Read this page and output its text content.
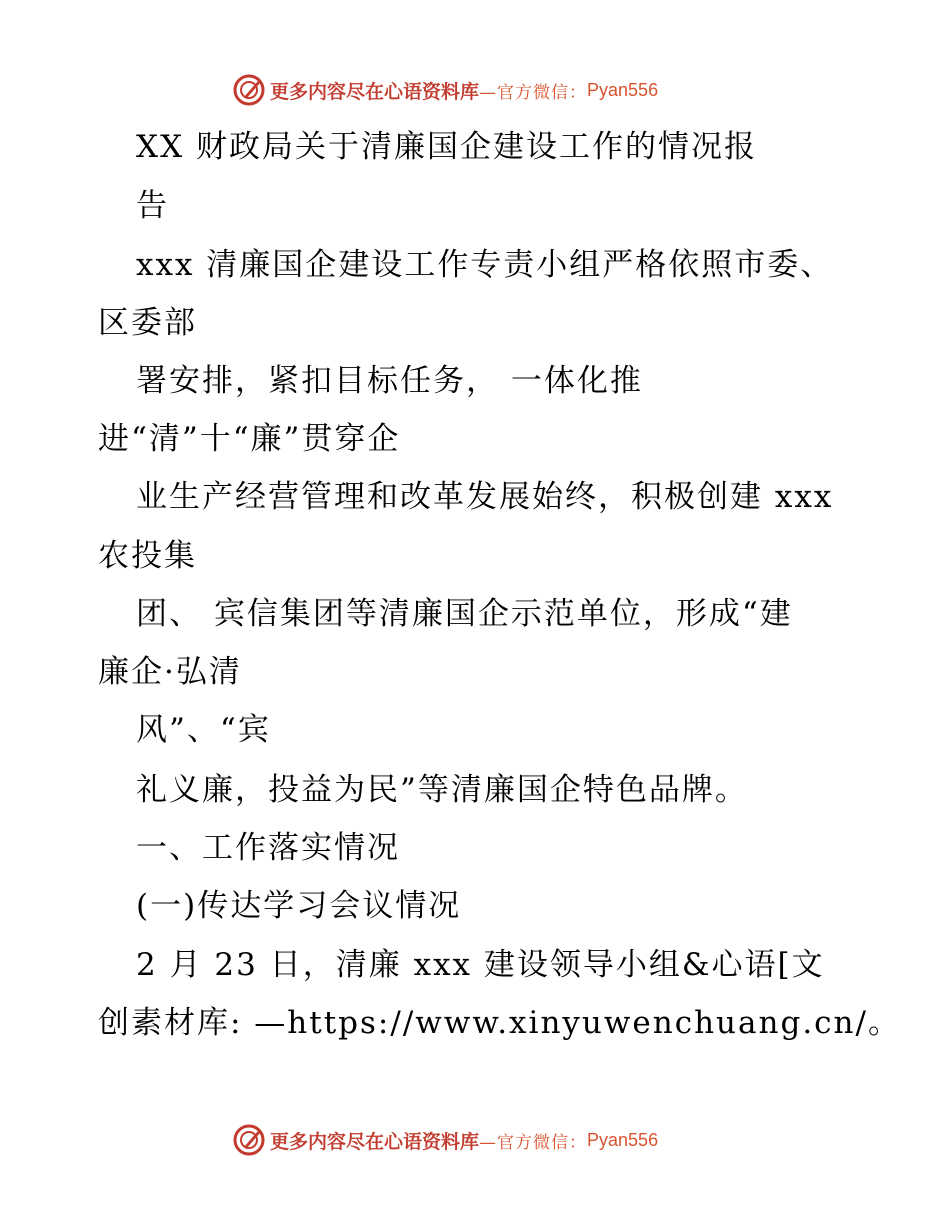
更多内容尽在心语资料库 —官方微信： Pyan556
XX 财政局关于清廉国企建设工作的情况报
告
xxx 清廉国企建设工作专责小组严格依照市委、
区委部
署安排，紧扣目标任务， 一体化推
进“清”十“廉”贯穿企
业生产经营管理和改革发展始终，积极创建 xxx
农投集
团、 宾信集团等清廉国企示范单位，形成“建
廉企·弘清
风”、“宾
礼义廉，投益为民”等清廉国企特色品牌。
一、工作落实情况
(一)传达学习会议情况
2 月 23 日，清廉 xxx 建设领导小组&心语[文
创素材库: —https://www.xinyuwenchuang.cn/。
更多内容尽在心语资料库 —官方微信： Pyan556
